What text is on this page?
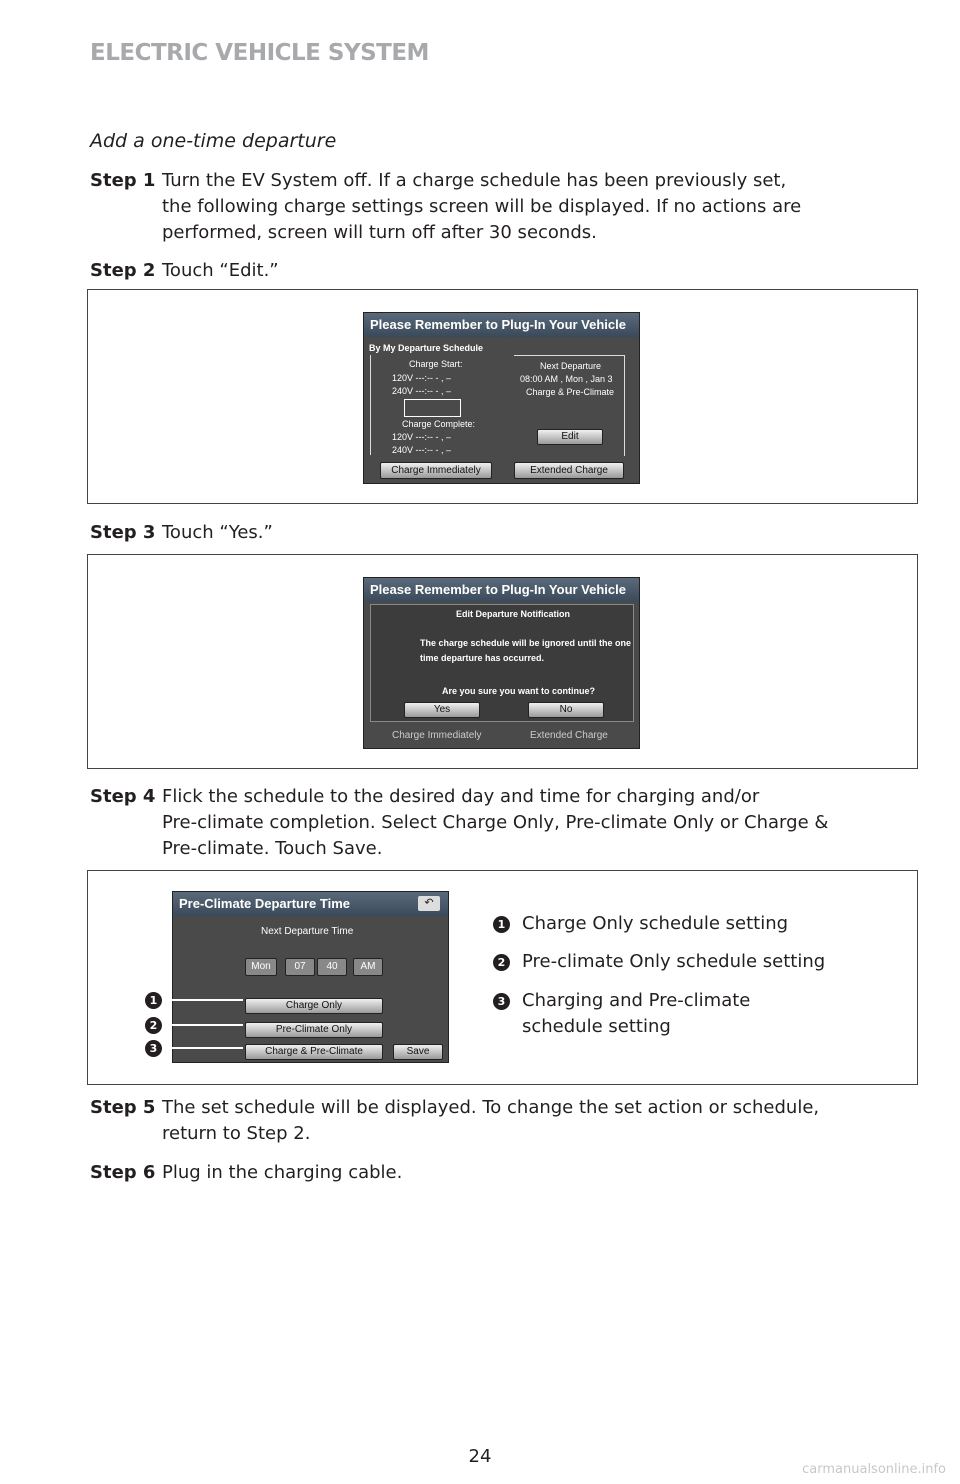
ELECTRIC VEHICLE SYSTEM
Add a one-time departure
Step 1 Turn the EV System off. If a charge schedule has been previously set,
the following charge settings screen will be displayed. If no actions are
performed, screen will turn off after 30 seconds.
Step 2 Touch “Edit.”
Please Remember to Plug-In Your Vehicle
By My Departure Schedule
Charge Start:
120V ---:-- - , –
240V ---:-- - , –
Charge Complete:
120V ---:-- - , –
240V ---:-- - , –
Next Departure
08:00 AM , Mon , Jan 3
Charge & Pre-Climate
Edit
Charge Immediately	Extended Charge
Step 3 Touch “Yes.”
Please Remember to Plug-In Your Vehicle
Edit Departure Notification
The charge schedule will be ignored until the one
time departure has occurred.
Are you sure you want to continue?
Yes	No
Charge Immediately	Extended Charge
Step 4 Flick the schedule to the desired day and time for charging and/or
Pre-climate completion. Select Charge Only, Pre-climate Only or Charge &
Pre-climate. Touch Save.
Pre-Climate Departure Time	↶
Next Departure Time
Mon	07	40	AM
Charge Only
Pre-Climate Only
Charge & Pre-Climate	Save
1
2
3
1 Charge Only schedule setting
2 Pre-climate Only schedule setting
3 Charging and Pre-climate
schedule setting
Step 5 The set schedule will be displayed. To change the set action or schedule,
return to Step 2.
Step 6 Plug in the charging cable.
24
carmanualsonline.info
